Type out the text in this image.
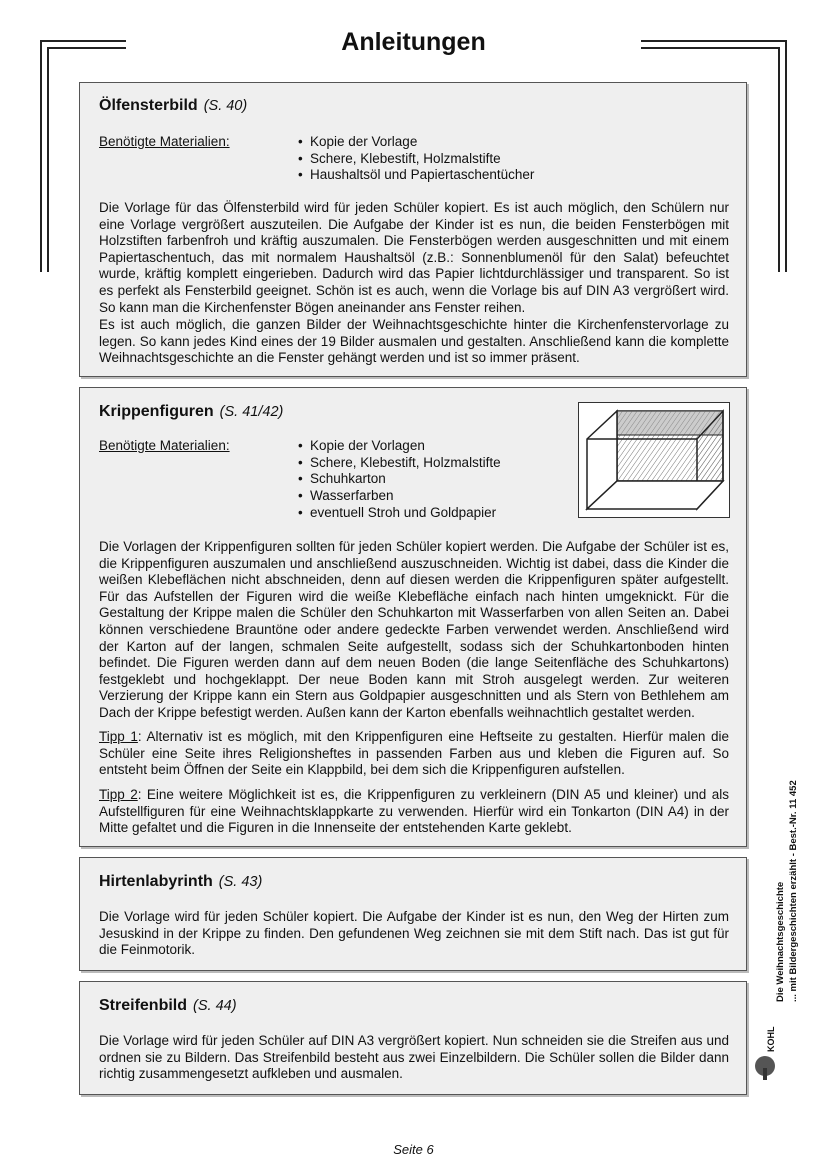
Anleitungen
Ölfensterbild (S. 40)
Benötigte Materialien:	• Kopie der Vorlage
• Schere, Klebestift, Holzmalstifte
• Haushaltsöl und Papiertaschentücher

Die Vorlage für das Ölfensterbild wird für jeden Schüler kopiert. Es ist auch möglich, den Schülern nur eine Vorlage vergrößert auszuteilen. Die Aufgabe der Kinder ist es nun, die beiden Fensterbögen mit Holzstiften farbenfroh und kräftig auszumalen. Die Fensterbögen werden ausgeschnitten und mit einem Papiertaschentuch, das mit normalem Haushaltsöl (z.B.: Sonnenblumenöl für den Salat) befeuchtet wurde, kräftig komplett eingerieben. Dadurch wird das Papier lichtdurchlässiger und transparent. So ist es perfekt als Fensterbild geeignet. Schön ist es auch, wenn die Vorlage bis auf DIN A3 vergrößert wird. So kann man die Kirchenfenster Bögen aneinander ans Fenster reihen.

Es ist auch möglich, die ganzen Bilder der Weihnachtsgeschichte hinter die Kirchenfenstervorlage zu legen. So kann jedes Kind eines der 19 Bilder ausmalen und gestalten. Anschließend kann die komplette Weihnachtsgeschichte an die Fenster gehängt werden und ist so immer präsent.

Krippenfiguren (S. 41/42)
Benötigte Materialien:	• Kopie der Vorlagen
• Schere, Klebestift, Holzmalstifte
• Schuhkarton
• Wasserfarben
• eventuell Stroh und Goldpapier

Die Vorlagen der Krippenfiguren sollten für jeden Schüler kopiert werden. Die Aufgabe der Schüler ist es, die Krippenfiguren auszumalen und anschließend auszuschneiden. Wichtig ist dabei, dass die Kinder die weißen Klebeflächen nicht abschneiden, denn auf diesen werden die Krippenfiguren später aufgestellt. Für das Aufstellen der Figuren wird die weiße Klebefläche einfach nach hinten umgeknickt. Für die Gestaltung der Krippe malen die Schüler den Schuhkarton mit Wasserfarben von allen Seiten an. Dabei können verschiedene Brauntöne oder andere gedeckte Farben verwendet werden. Anschließend wird der Karton auf der langen, schmalen Seite aufgestellt, sodass sich der Schuhkartonboden hinten befindet. Die Figuren werden dann auf dem neuen Boden (die lange Seitenfläche des Schuhkartons) festgeklebt und hochgeklappt. Der neue Boden kann mit Stroh ausgelegt werden. Zur weiteren Verzierung der Krippe kann ein Stern aus Goldpapier ausgeschnitten und als Stern von Bethlehem am Dach der Krippe befestigt werden. Außen kann der Karton ebenfalls weihnachtlich gestaltet werden.

Tipp 1: Alternativ ist es möglich, mit den Krippenfiguren eine Heftseite zu gestalten. Hierfür malen die Schüler eine Seite ihres Religionsheftes in passenden Farben aus und kleben die Figuren auf. So entsteht beim Öffnen der Seite ein Klappbild, bei dem sich die Krippenfiguren aufstellen.

Tipp 2: Eine weitere Möglichkeit ist es, die Krippenfiguren zu verkleinern (DIN A5 und kleiner) und als Aufstellfiguren für eine Weihnachtsklappkarte zu verwenden. Hierfür wird ein Tonkarton (DIN A4) in der Mitte gefaltet und die Figuren in die Innenseite der entstehenden Karte geklebt.

Hirtenlabyrinth (S. 43)

Die Vorlage wird für jeden Schüler kopiert. Die Aufgabe der Kinder ist es nun, den Weg der Hirten zum Jesuskind in der Krippe zu finden. Den gefundenen Weg zeichnen sie mit dem Stift nach. Das ist gut für die Feinmotorik.

Streifenbild (S. 44)

Die Vorlage wird für jeden Schüler auf DIN A3 vergrößert kopiert. Nun schneiden sie die Streifen aus und ordnen sie zu Bildern. Das Streifenbild besteht aus zwei Einzelbildern. Die Schüler sollen die Bilder dann richtig zusammengesetzt aufkleben und ausmalen.

Die Weihnachtsgeschichte ... mit Bildergeschichten erzählt - Best.-Nr. 11 452
KOHL
Seite 6
